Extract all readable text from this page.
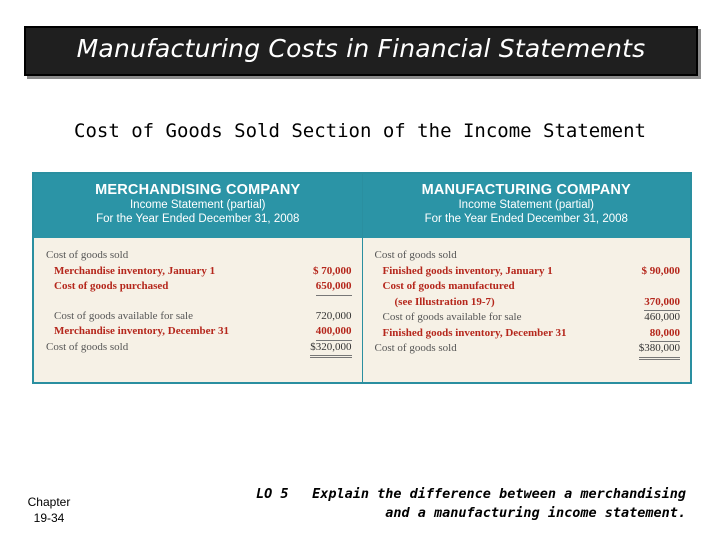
Manufacturing Costs in Financial Statements
Cost of Goods Sold Section of the Income Statement
MERCHANDISING COMPANY
Income Statement (partial)
For the Year Ended December 31, 2008
Cost of goods sold
Merchandise inventory, January 1	$ 70,000
Cost of goods purchased	650,000
Cost of goods available for sale	720,000
Merchandise inventory, December 31	400,000
Cost of goods sold	$320,000
MANUFACTURING COMPANY
Income Statement (partial)
For the Year Ended December 31, 2008
Cost of goods sold
Finished goods inventory, January 1	$ 90,000
Cost of goods manufactured
(see Illustration 19-7)	370,000
Cost of goods available for sale	460,000
Finished goods inventory, December 31	80,000
Cost of goods sold	$380,000
Chapter
19-34
LO 5 Explain the difference between a merchandising
and a manufacturing income statement.
